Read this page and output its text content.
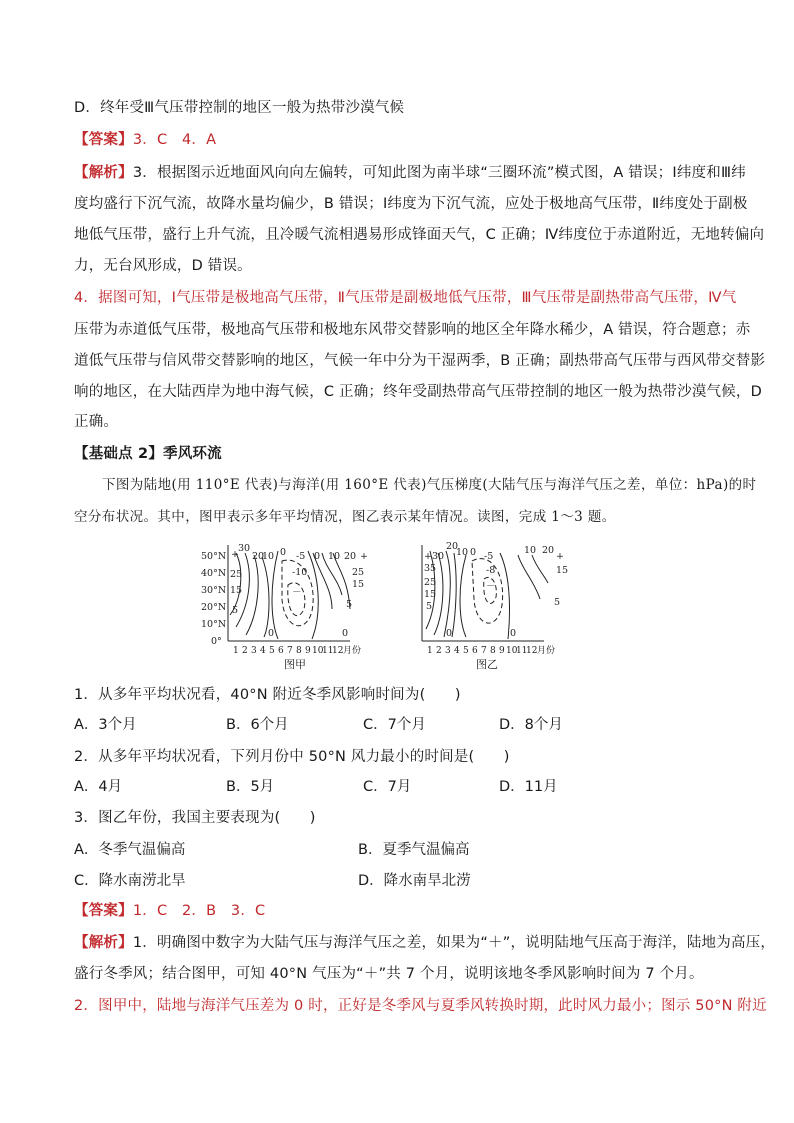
D．终年受Ⅲ气压带控制的地区一般为热带沙漠气候
【答案】3．C　4．A
【解析】3．根据图示近地面风向向左偏转，可知此图为南半球“三圈环流”模式图，A 错误；Ⅰ纬度和Ⅲ纬
度均盛行下沉气流，故降水量均偏少，B 错误；Ⅰ纬度为下沉气流，应处于极地高气压带，Ⅱ纬度处于副极
地低气压带，盛行上升气流，且冷暖气流相遇易形成锋面天气，C 正确；Ⅳ纬度位于赤道附近，无地转偏向
力，无台风形成，D 错误。
4．据图可知，Ⅰ气压带是极地高气压带，Ⅱ气压带是副极地低气压带，Ⅲ气压带是副热带高气压带，Ⅳ气
压带为赤道低气压带，极地高气压带和极地东风带交替影响的地区全年降水稀少，A 错误，符合题意；赤
道低气压带与信风带交替影响的地区，气候一年中分为干湿两季，B 正确；副热带高气压带与西风带交替影
响的地区，在大陆西岸为地中海气候，C 正确；终年受副热带高气压带控制的地区一般为热带沙漠气候，D
正确。
【基础点 2】季风环流
下图为陆地(用 110°E 代表)与海洋(用 160°E 代表)气压梯度(大陆气压与海洋气压之差，单位：hPa)的时
空分布状况。其中，图甲表示多年平均情况，图乙表示某年情况。读图，完成 1～3 题。
50°N
40°N
30°N
20°N
10°N
0°
30
+ 20
10 0 -5 0 10 20 +
25
15
-10
－
25
15
5
5
0	0
1 2 3 4 5 6 7 8 9 10
11
12 月份
图甲
20
10
+30	0 -5
10 20
+
35
25
15
5
-8
－
15
5
0	0
1 2 3 4 5 6 7 8 9 10
11
12 月份
图乙
1．从多年平均状况看，40°N 附近冬季风影响时间为(　　)
A．3个月	B．6个月	C．7个月	D．8个月
2．从多年平均状况看，下列月份中 50°N 风力最小的时间是(　　)
A．4月	B．5月	C．7月	D．11月
3．图乙年份，我国主要表现为(　　)
A．冬季气温偏高	B．夏季气温偏高
C．降水南涝北旱	D．降水南旱北涝
【答案】1．C　2．B　3．C
【解析】1．明确图中数字为大陆气压与海洋气压之差，如果为“＋”，说明陆地气压高于海洋，陆地为高压，
盛行冬季风；结合图甲，可知 40°N 气压为“＋”共 7 个月，说明该地冬季风影响时间为 7 个月。
2．图甲中，陆地与海洋气压差为 0 时，正好是冬季风与夏季风转换时期，此时风力最小；图示 50°N 附近
